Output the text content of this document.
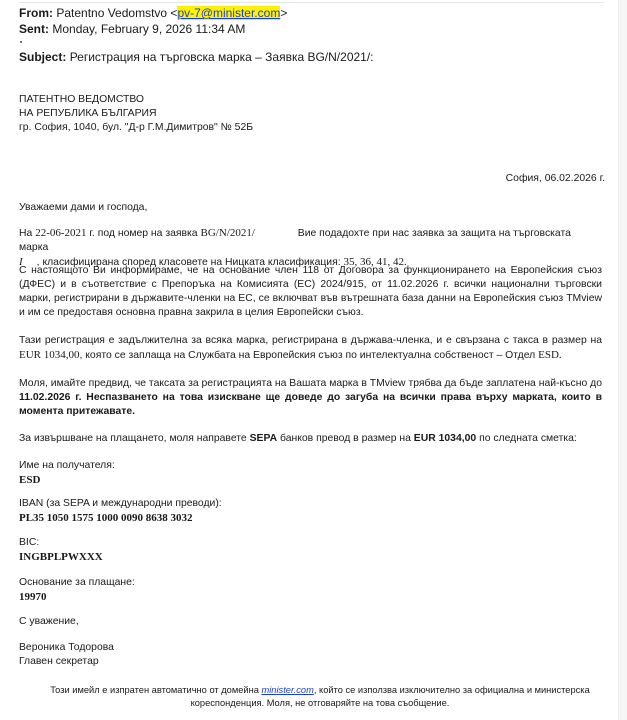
From: Patentno Vedomstvo <pv-7@minister.com>
Sent: Monday, February 9, 2026 11:34 AM
Subject: Регистрация на търговска марка – Заявка BG/N/2021/:
ПАТЕНТНО ВЕДОМСТВО
НА РЕПУБЛИКА БЪЛГАРИЯ
гр. София, 1040, бул. "Д-р Г.М.Димитров" № 52Б
София, 06.02.2026 г.
Уважаеми дами и господа,
На 22-06-2021 г. под номер на заявка BG/N/2021/	Вие подадохте при нас заявка за защита на търговската марка
I , класифицирана според класовете на Ницката класификация: 35, 36, 41, 42.
С настоящото Ви информираме, че на основание член 118 от Договора за функционирането на Европейския съюз (ДФЕС) и в съответствие с Препоръка на Комисията (ЕС) 2024/915, от 11.02.2026 г. всички национални търговски марки, регистрирани в държавите-членки на ЕС, се включват във вътрешната база данни на Европейския съюз TMview и им се предоставя основна правна закрила в целия Европейски съюз.
Тази регистрация е задължителна за всяка марка, регистрирана в държава-членка, и е свързана с такса в размер на EUR 1034,00, която се заплаща на Службата на Европейския съюз по интелектуална собственост – Отдел ESD.
Моля, имайте предвид, че таксата за регистрацията на Вашата марка в TMview трябва да бъде заплатена най-късно до 11.02.2026 г. Неспазването на това изискване ще доведе до загуба на всички права върху марката, които в момента притежавате.
За извършване на плащането, моля направете SEPA банков превод в размер на EUR 1034,00 по следната сметка:
Име на получателя:
ESD
IBAN (за SEPA и международни преводи):
PL35 1050 1575 1000 0090 8638 3032
BIC:
INGBPLPWXXX
Основание за плащане:
19970
С уважение,
Вероника Тодорова
Главен секретар
Този имейл е изпратен автоматично от домейна minister.com, който се използва изключително за официална и министерска кореспонденция. Моля, не отговаряйте на това съобщение.
